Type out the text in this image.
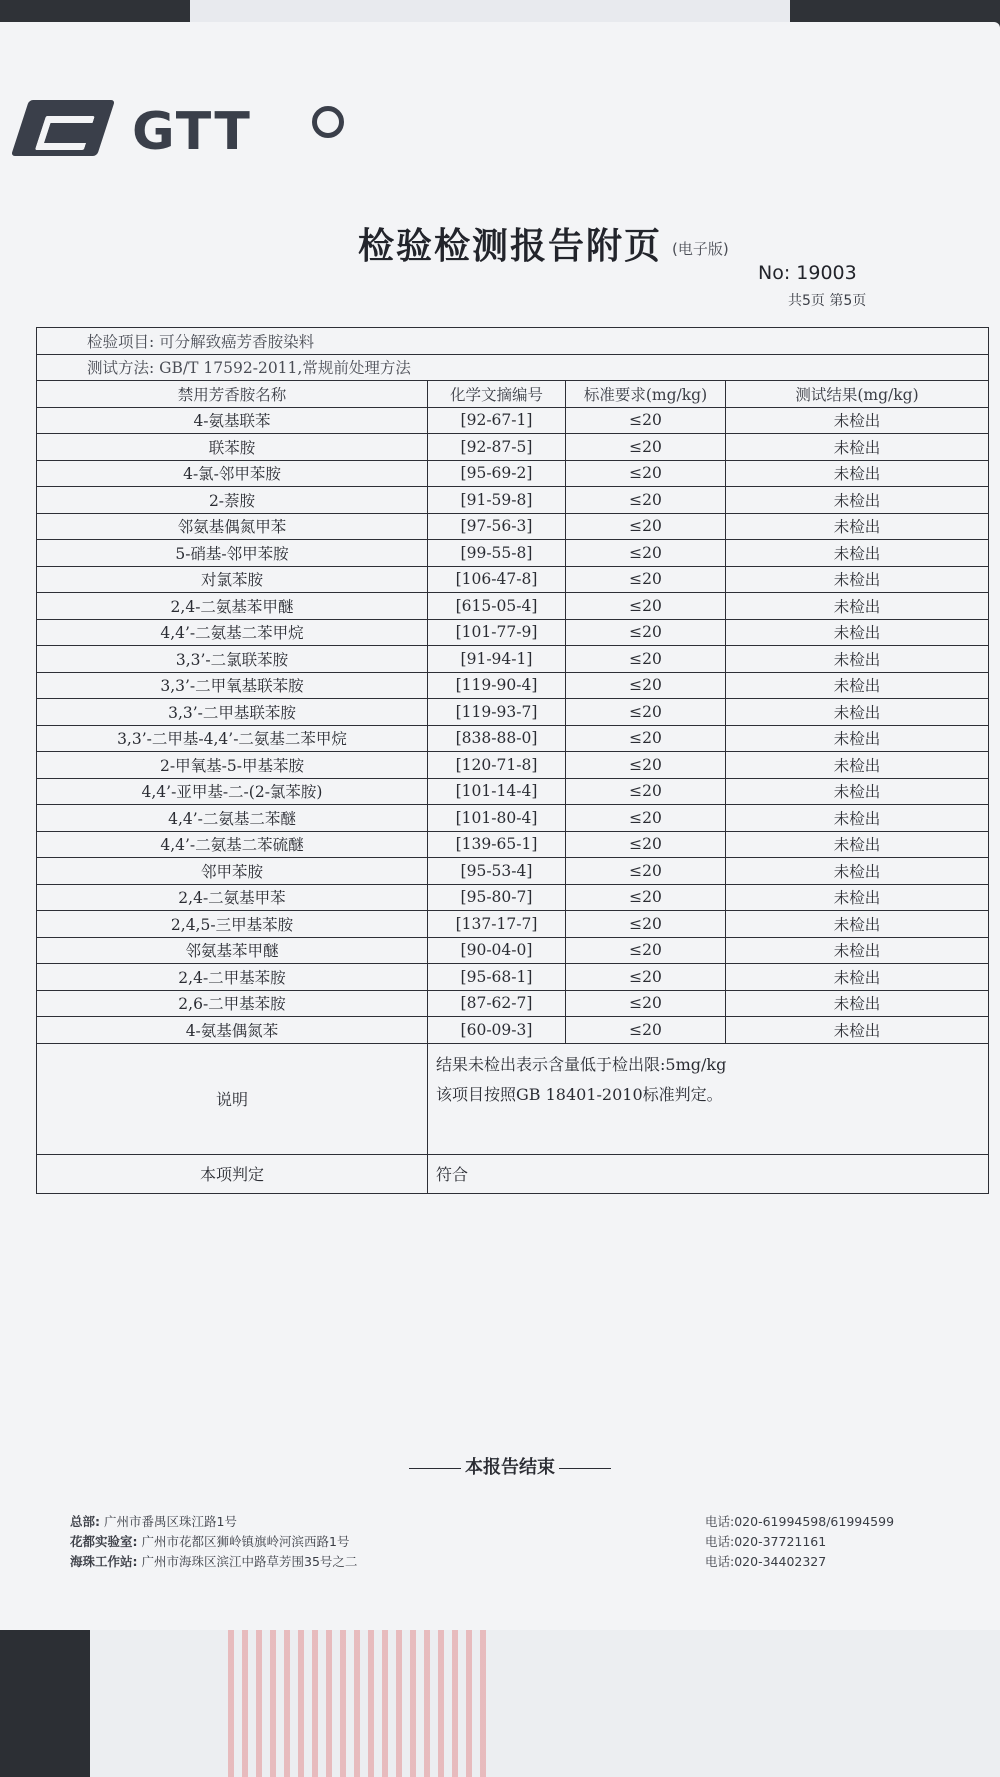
GTT
检验检测报告附页 (电子版)
No: 19003
共5页 第5页
检验项目: 可分解致癌芳香胺染料			
测试方法: GB/T 17592-2011,常规前处理方法			
禁用芳香胺名称	化学文摘编号	标准要求(mg/kg)	测试结果(mg/kg)
4-氨基联苯	[92-67-1]	≤20	未检出
联苯胺	[92-87-5]	≤20	未检出
4-氯-邻甲苯胺	[95-69-2]	≤20	未检出
2-萘胺	[91-59-8]	≤20	未检出
邻氨基偶氮甲苯	[97-56-3]	≤20	未检出
5-硝基-邻甲苯胺	[99-55-8]	≤20	未检出
对氯苯胺	[106-47-8]	≤20	未检出
2,4-二氨基苯甲醚	[615-05-4]	≤20	未检出
4,4’-二氨基二苯甲烷	[101-77-9]	≤20	未检出
3,3’-二氯联苯胺	[91-94-1]	≤20	未检出
3,3’-二甲氧基联苯胺	[119-90-4]	≤20	未检出
3,3’-二甲基联苯胺	[119-93-7]	≤20	未检出
3,3’-二甲基-4,4’-二氨基二苯甲烷	[838-88-0]	≤20	未检出
2-甲氧基-5-甲基苯胺	[120-71-8]	≤20	未检出
4,4’-亚甲基-二-(2-氯苯胺)	[101-14-4]	≤20	未检出
4,4’-二氨基二苯醚	[101-80-4]	≤20	未检出
4,4’-二氨基二苯硫醚	[139-65-1]	≤20	未检出
邻甲苯胺	[95-53-4]	≤20	未检出
2,4-二氨基甲苯	[95-80-7]	≤20	未检出
2,4,5-三甲基苯胺	[137-17-7]	≤20	未检出
邻氨基苯甲醚	[90-04-0]	≤20	未检出
2,4-二甲基苯胺	[95-68-1]	≤20	未检出
2,6-二甲基苯胺	[87-62-7]	≤20	未检出
4-氨基偶氮苯	[60-09-3]	≤20	未检出
说明	结果未检出表示含量低于检出限:5mg/kg
该项目按照GB 18401-2010标准判定。		

本项判定	符合		
本报告结束
总部: 广州市番禺区珠江路1号	电话:020-61994598/61994599
花都实验室: 广州市花都区狮岭镇旗岭河滨西路1号	电话:020-37721161
海珠工作站: 广州市海珠区滨江中路草芳围35号之二	电话:020-34402327
